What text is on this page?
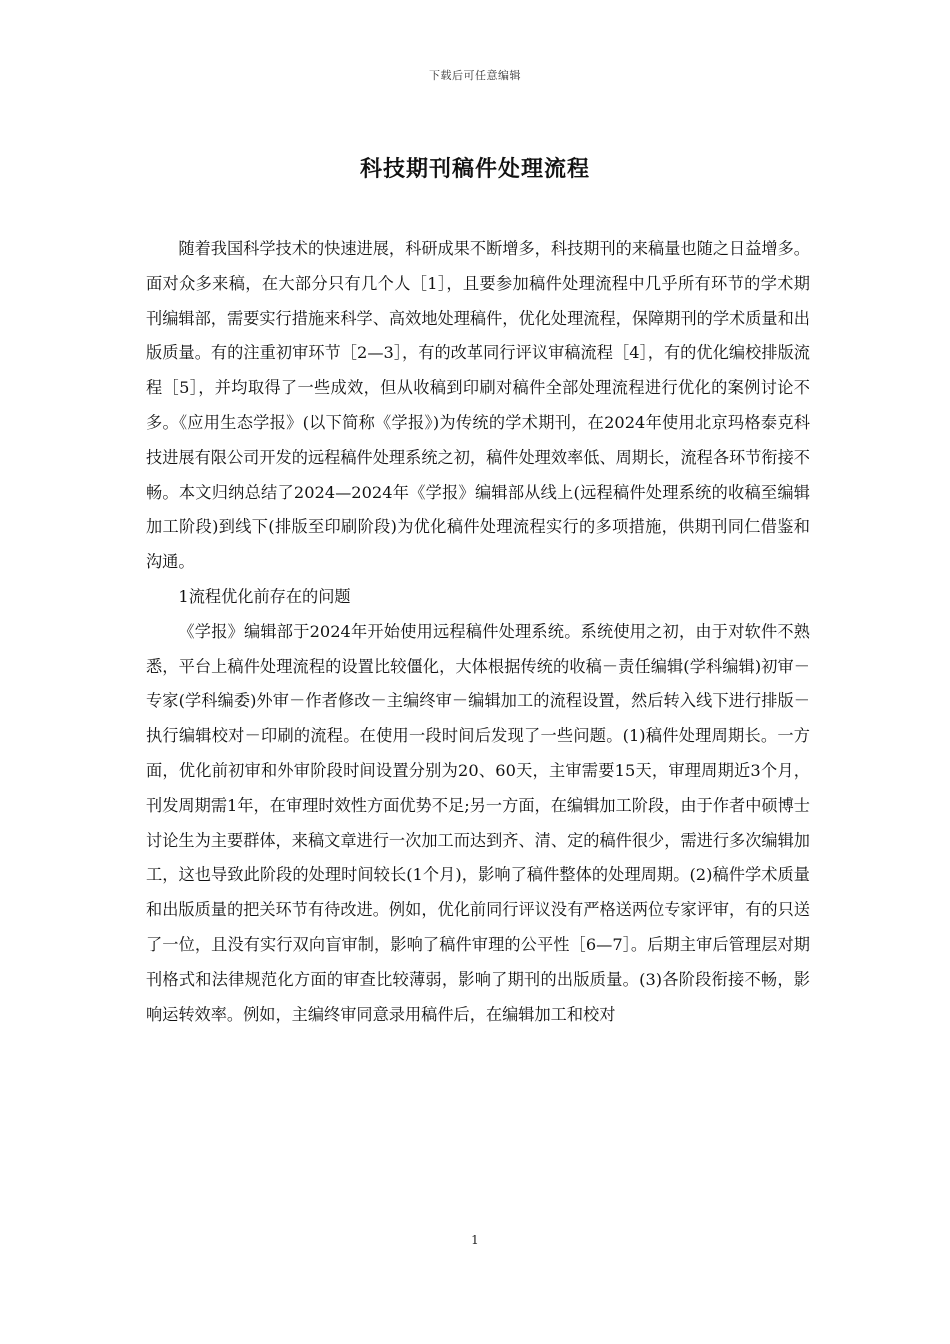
下载后可任意编辑
科技期刊稿件处理流程

随着我国科学技术的快速进展，科研成果不断增多，科技期刊的来稿量也随之日益增多。面对众多来稿，在大部分只有几个人［1］，且要参加稿件处理流程中几乎所有环节的学术期刊编辑部，需要实行措施来科学、高效地处理稿件，优化处理流程，保障期刊的学术质量和出版质量。有的注重初审环节［2—3］，有的改革同行评议审稿流程［4］，有的优化编校排版流程［5］，并均取得了一些成效，但从收稿到印刷对稿件全部处理流程进行优化的案例讨论不多。《应用生态学报》(以下简称《学报》)为传统的学术期刊，在2024年使用北京玛格泰克科技进展有限公司开发的远程稿件处理系统之初，稿件处理效率低、周期长，流程各环节衔接不畅。本文归纳总结了2024—2024年《学报》编辑部从线上(远程稿件处理系统的收稿至编辑加工阶段)到线下(排版至印刷阶段)为优化稿件处理流程实行的多项措施，供期刊同仁借鉴和沟通。

1流程优化前存在的问题

《学报》编辑部于2024年开始使用远程稿件处理系统。系统使用之初，由于对软件不熟悉，平台上稿件处理流程的设置比较僵化，大体根据传统的收稿－责任编辑(学科编辑)初审－专家(学科编委)外审－作者修改－主编终审－编辑加工的流程设置，然后转入线下进行排版－执行编辑校对－印刷的流程。在使用一段时间后发现了一些问题。(1)稿件处理周期长。一方面，优化前初审和外审阶段时间设置分别为20、60天，主审需要15天，审理周期近3个月，刊发周期需1年，在审理时效性方面优势不足;另一方面，在编辑加工阶段，由于作者中硕博士讨论生为主要群体，来稿文章进行一次加工而达到齐、清、定的稿件很少，需进行多次编辑加工，这也导致此阶段的处理时间较长(1个月)，影响了稿件整体的处理周期。(2)稿件学术质量和出版质量的把关环节有待改进。例如，优化前同行评议没有严格送两位专家评审，有的只送了一位，且没有实行双向盲审制，影响了稿件审理的公平性［6—7］。后期主审后管理层对期刊格式和法律规范化方面的审查比较薄弱，影响了期刊的出版质量。(3)各阶段衔接不畅，影响运转效率。例如，主编终审同意录用稿件后，在编辑加工和校对

1
